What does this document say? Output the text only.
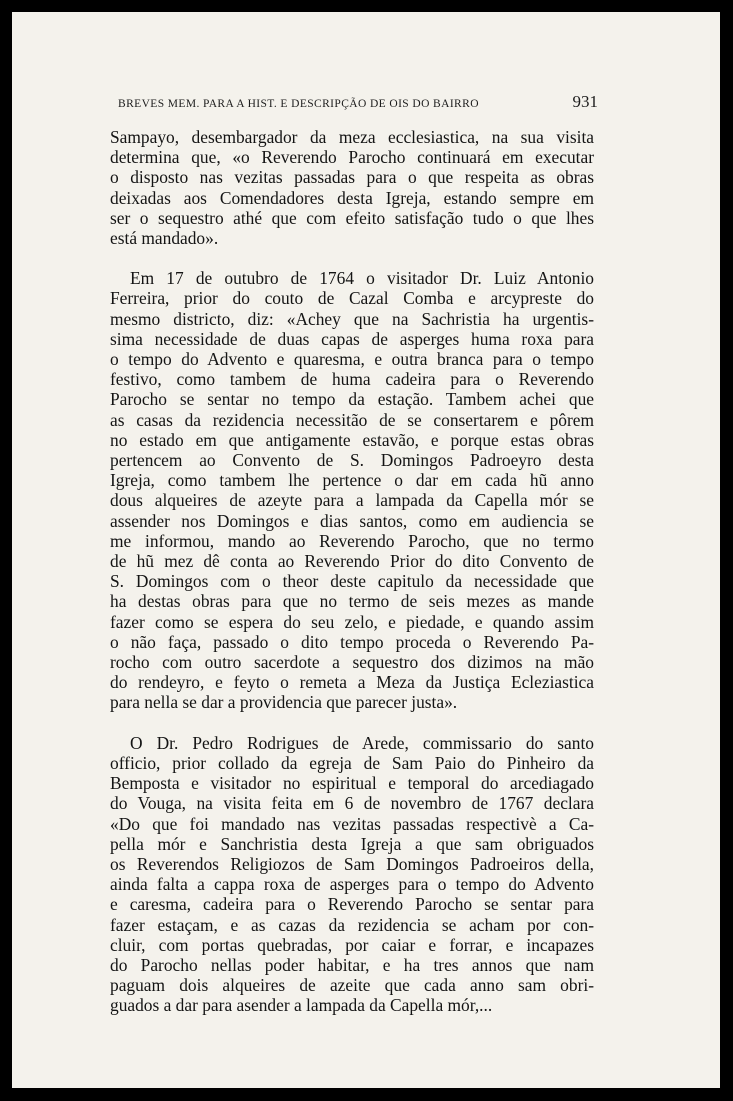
BREVES MEM. PARA A HIST. E DESCRIPÇÃO DE OIS DO BAIRRO	931

Sampayo, desembargador da meza ecclesiastica, na sua visita
determina que, «o Reverendo Parocho continuará em executar
o disposto nas vezitas passadas para o que respeita as obras
deixadas aos Comendadores desta Igreja, estando sempre em
ser o sequestro athé que com efeito satisfação tudo o que lhes
está mandado».

Em 17 de outubro de 1764 o visitador Dr. Luiz Antonio
Ferreira, prior do couto de Cazal Comba e arcypreste do
mesmo districto, diz: «Achey que na Sachristia ha urgentis-
sima necessidade de duas capas de asperges huma roxa para
o tempo do Advento e quaresma, e outra branca para o tempo
festivo, como tambem de huma cadeira para o Reverendo
Parocho se sentar no tempo da estação. Tambem achei que
as casas da rezidencia necessitão de se consertarem e pôrem
no estado em que antigamente estavão, e porque estas obras
pertencem ao Convento de S. Domingos Padroeyro desta
Igreja, como tambem lhe pertence o dar em cada hũ anno
dous alqueires de azeyte para a lampada da Capella mór se
assender nos Domingos e dias santos, como em audiencia se
me informou, mando ao Reverendo Parocho, que no termo
de hũ mez dê conta ao Reverendo Prior do dito Convento de
S. Domingos com o theor deste capitulo da necessidade que
ha destas obras para que no termo de seis mezes as mande
fazer como se espera do seu zelo, e piedade, e quando assim
o não faça, passado o dito tempo proceda o Reverendo Pa-
rocho com outro sacerdote a sequestro dos dizimos na mão
do rendeyro, e feyto o remeta a Meza da Justiça Ecleziastica
para nella se dar a providencia que parecer justa».

O Dr. Pedro Rodrigues de Arede, commissario do santo
officio, prior collado da egreja de Sam Paio do Pinheiro da
Bemposta e visitador no espiritual e temporal do arcediagado
do Vouga, na visita feita em 6 de novembro de 1767 declara
«Do que foi mandado nas vezitas passadas respectivè a Ca-
pella mór e Sanchristia desta Igreja a que sam obriguados
os Reverendos Religiozos de Sam Domingos Padroeiros della,
ainda falta a cappa roxa de asperges para o tempo do Advento
e caresma, cadeira para o Reverendo Parocho se sentar para
fazer estaçam, e as cazas da rezidencia se acham por con-
cluir, com portas quebradas, por caiar e forrar, e incapazes
do Parocho nellas poder habitar, e ha tres annos que nam
paguam dois alqueires de azeite que cada anno sam obri-
guados a dar para asender a lampada da Capella mór,...
